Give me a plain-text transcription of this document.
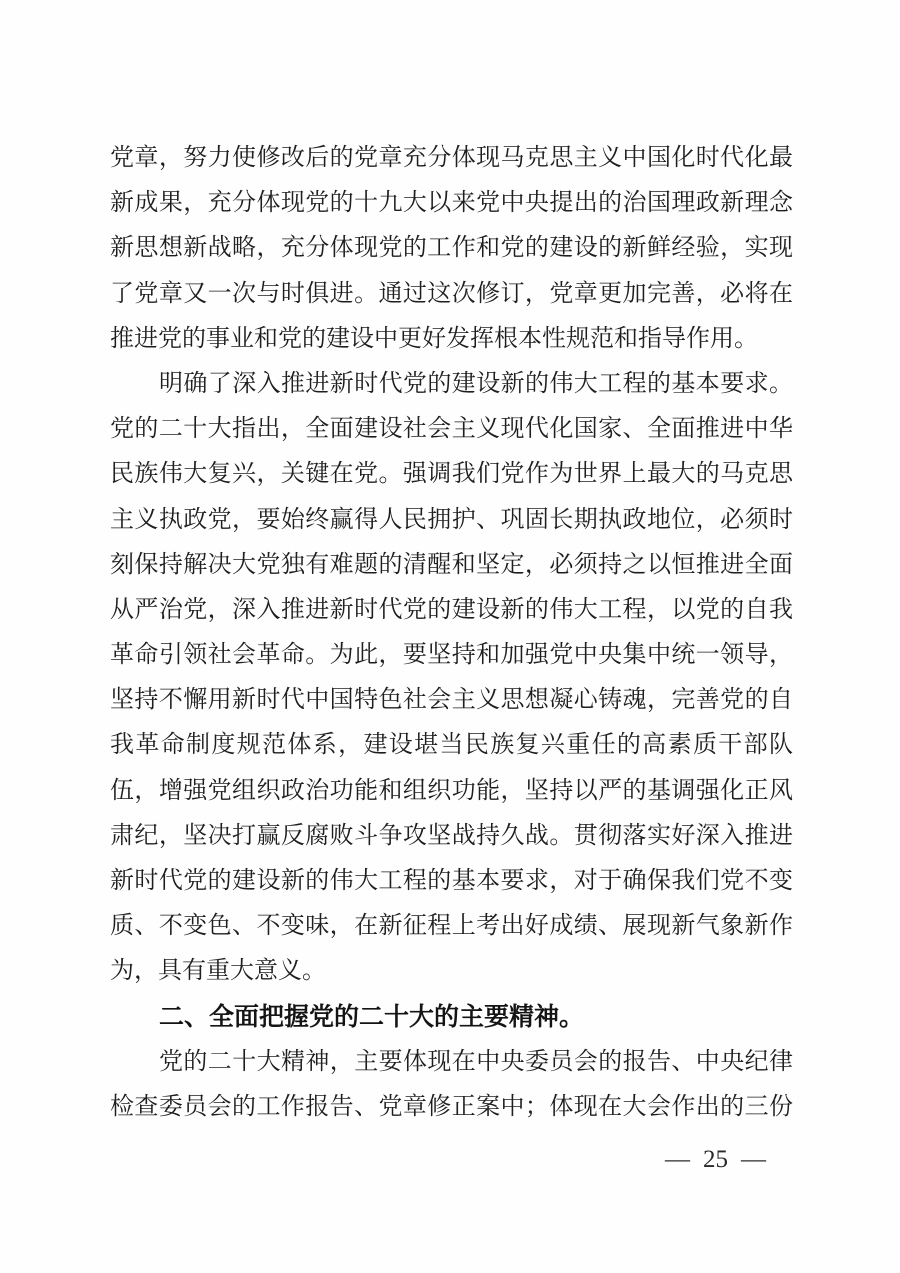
党章，努力使修改后的党章充分体现马克思主义中国化时代化最
新成果，充分体现党的十九大以来党中央提出的治国理政新理念
新思想新战略，充分体现党的工作和党的建设的新鲜经验，实现
了党章又一次与时俱进。通过这次修订，党章更加完善，必将在
推进党的事业和党的建设中更好发挥根本性规范和指导作用。
明确了深入推进新时代党的建设新的伟大工程的基本要求。
党的二十大指出，全面建设社会主义现代化国家、全面推进中华
民族伟大复兴，关键在党。强调我们党作为世界上最大的马克思
主义执政党，要始终赢得人民拥护、巩固长期执政地位，必须时
刻保持解决大党独有难题的清醒和坚定，必须持之以恒推进全面
从严治党，深入推进新时代党的建设新的伟大工程，以党的自我
革命引领社会革命。为此，要坚持和加强党中央集中统一领导，
坚持不懈用新时代中国特色社会主义思想凝心铸魂，完善党的自
我革命制度规范体系，建设堪当民族复兴重任的高素质干部队
伍，增强党组织政治功能和组织功能，坚持以严的基调强化正风
肃纪，坚决打赢反腐败斗争攻坚战持久战。贯彻落实好深入推进
新时代党的建设新的伟大工程的基本要求，对于确保我们党不变
质、不变色、不变味，在新征程上考出好成绩、展现新气象新作
为，具有重大意义。
二、全面把握党的二十大的主要精神。
党的二十大精神，主要体现在中央委员会的报告、中央纪律
检查委员会的工作报告、党章修正案中；体现在大会作出的三份
— 25 —
